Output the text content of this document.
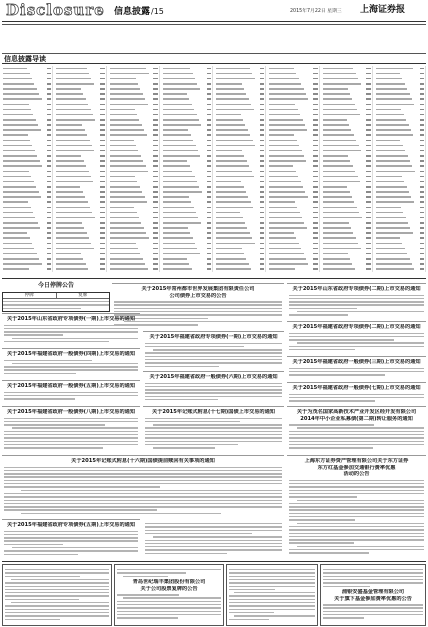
Disclosure 信息披露/15	2015年7月22日 星期三 上海证券报
信息披露导读
今日停牌公告
停牌	复牌
关于2015年常州都市世界发展集团有限责任公司
公司债券上市交易的公告
关于2015年山东省政府专项债券(二期)上市交易的通知
关于2015年山东省政府专项债券(一期)上市交易的通知
关于2015年福建省政府专项债券(二期)上市交易的通知
关于2015年福建省政府专项债券(一期)上市交易的通知
关于2015年福建省政府一般债券(四期)上市交易的通知
关于2015年福建省政府一般债券(三期)上市交易的通知
关于2015年福建省政府一般债券(六期)上市交易的通知
关于2015年福建省政府一般债券(五期)上市交易的通知	关于2015年福建省政府一般债券(七期)上市交易的通知
关于2015年福建省政府一般债券(八期)上市交易的通知	关于2015年记账式附息(十七期)国债上市交易的通知	关于为茂名国家高新技术产业开发区经开发有限公司
2014年中小企业私募债(第二期)转让服务的通知
关于2015年记账式附息(十六期)国债提前赎回有关事项的通知	上海东方证券资产管理有限公司关于东方证券
东方红基金参加交通银行费率优惠
活动的公告
关于2015年福建省政府专项债券(五期)上市交易的通知
青岛世纪瑞丰集团股份有限公司
关于公司股票复牌的公告
浦银安盛基金管理有限公司
关于旗下基金参加费率优惠的公告
